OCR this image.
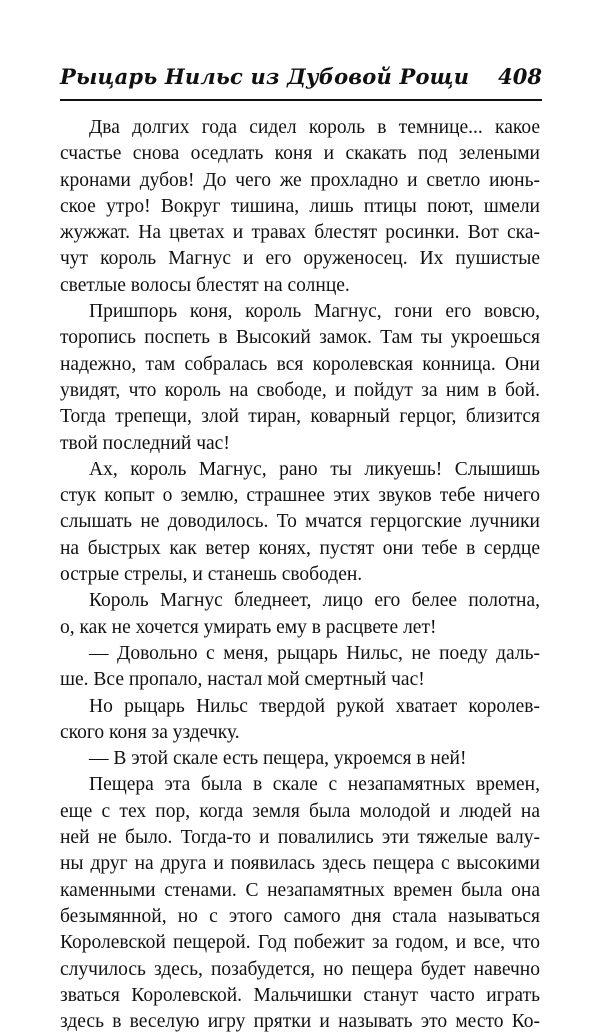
Рыцарь Нильс из Дубовой Рощи 408
Два долгих года сидел король в темнице... какое
счастье снова оседлать коня и скакать под зелеными
кронами дубов! До чего же прохладно и светло июнь-
ское утро! Вокруг тишина, лишь птицы поют, шмели
жужжат. На цветах и травах блестят росинки. Вот ска-
чут король Магнус и его оруженосец. Их пушистые
светлые волосы блестят на солнце.
Пришпорь коня, король Магнус, гони его вовсю,
торопись поспеть в Высокий замок. Там ты укроешься
надежно, там собралась вся королевская конница. Они
увидят, что король на свободе, и пойдут за ним в бой.
Тогда трепещи, злой тиран, коварный герцог, близится
твой последний час!
Ах, король Магнус, рано ты ликуешь! Слышишь
стук копыт о землю, страшнее этих звуков тебе ничего
слышать не доводилось. То мчатся герцогские лучники
на быстрых как ветер конях, пустят они тебе в сердце
острые стрелы, и станешь свободен.
Король Магнус бледнеет, лицо его белее полотна,
о, как не хочется умирать ему в расцвете лет!
— Довольно с меня, рыцарь Нильс, не поеду даль-
ше. Все пропало, настал мой смертный час!
Но рыцарь Нильс твердой рукой хватает королев-
ского коня за уздечку.
— В этой скале есть пещера, укроемся в ней!
Пещера эта была в скале с незапамятных времен,
еще с тех пор, когда земля была молодой и людей на
ней не было. Тогда-то и повалились эти тяжелые валу-
ны друг на друга и появилась здесь пещера с высокими
каменными стенами. С незапамятных времен была она
безымянной, но с этого самого дня стала называться
Королевской пещерой. Год побежит за годом, и все, что
случилось здесь, позабудется, но пещера будет навечно
зваться Королевской. Мальчишки станут часто играть
здесь в веселую игру прятки и называть это место Ко-
